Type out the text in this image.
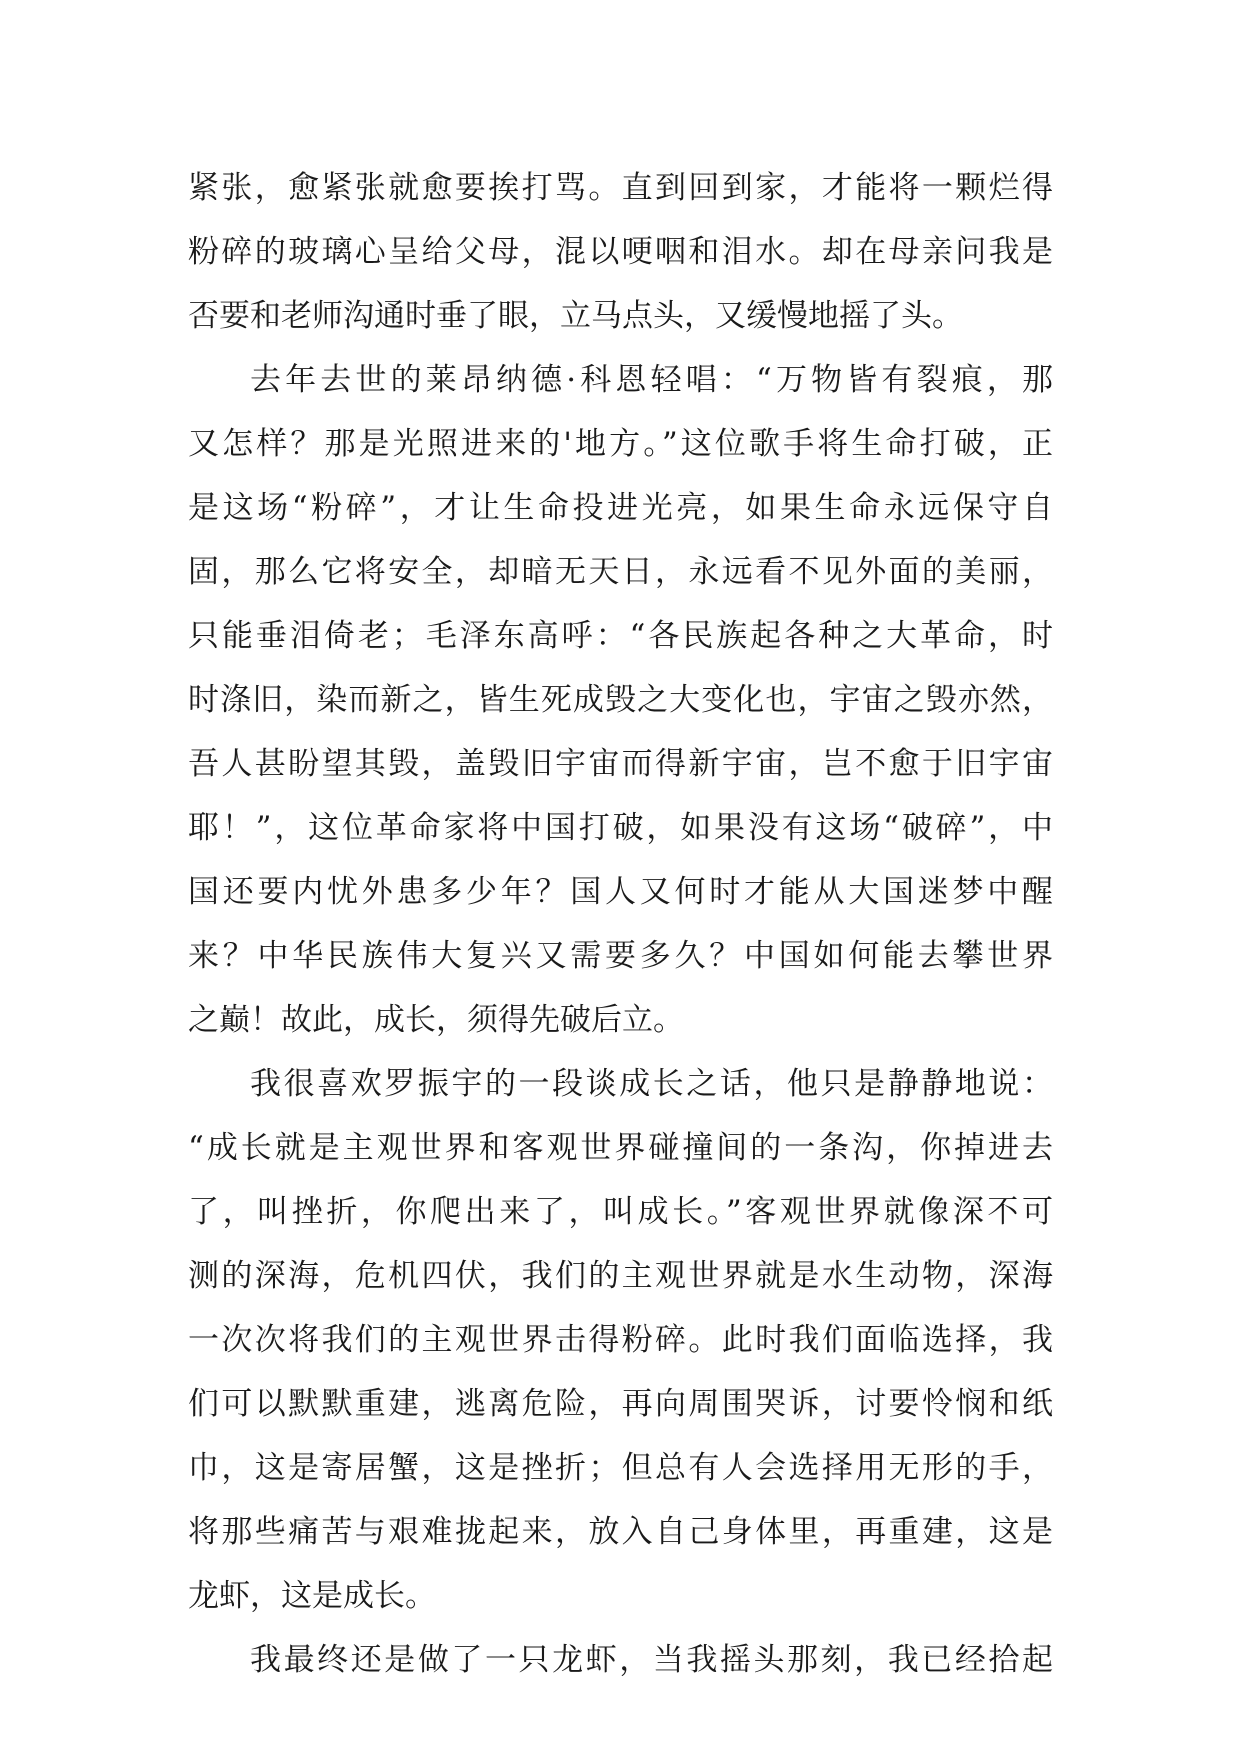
紧张，愈紧张就愈要挨打骂。直到回到家，才能将一颗烂得
粉碎的玻璃心呈给父母，混以哽咽和泪水。却在母亲问我是
否要和老师沟通时垂了眼，立马点头，又缓慢地摇了头。
去年去世的莱昂纳德·科恩轻唱：“万物皆有裂痕，那
又怎样？那是光照进来的'地方。”这位歌手将生命打破，正
是这场“粉碎”，才让生命投进光亮，如果生命永远保守自
固，那么它将安全，却暗无天日，永远看不见外面的美丽，
只能垂泪倚老；毛泽东高呼：“各民族起各种之大革命，时
时涤旧，染而新之，皆生死成毁之大变化也，宇宙之毁亦然，
吾人甚盼望其毁，盖毁旧宇宙而得新宇宙，岂不愈于旧宇宙
耶！”，这位革命家将中国打破，如果没有这场“破碎”，中
国还要内忧外患多少年？国人又何时才能从大国迷梦中醒
来？中华民族伟大复兴又需要多久？中国如何能去攀世界
之巅！故此，成长，须得先破后立。
我很喜欢罗振宇的一段谈成长之话，他只是静静地说：
“成长就是主观世界和客观世界碰撞间的一条沟，你掉进去
了，叫挫折，你爬出来了，叫成长。”客观世界就像深不可
测的深海，危机四伏，我们的主观世界就是水生动物，深海
一次次将我们的主观世界击得粉碎。此时我们面临选择，我
们可以默默重建，逃离危险，再向周围哭诉，讨要怜悯和纸
巾，这是寄居蟹，这是挫折；但总有人会选择用无形的手，
将那些痛苦与艰难拢起来，放入自己身体里，再重建，这是
龙虾，这是成长。
我最终还是做了一只龙虾，当我摇头那刻，我已经拾起
